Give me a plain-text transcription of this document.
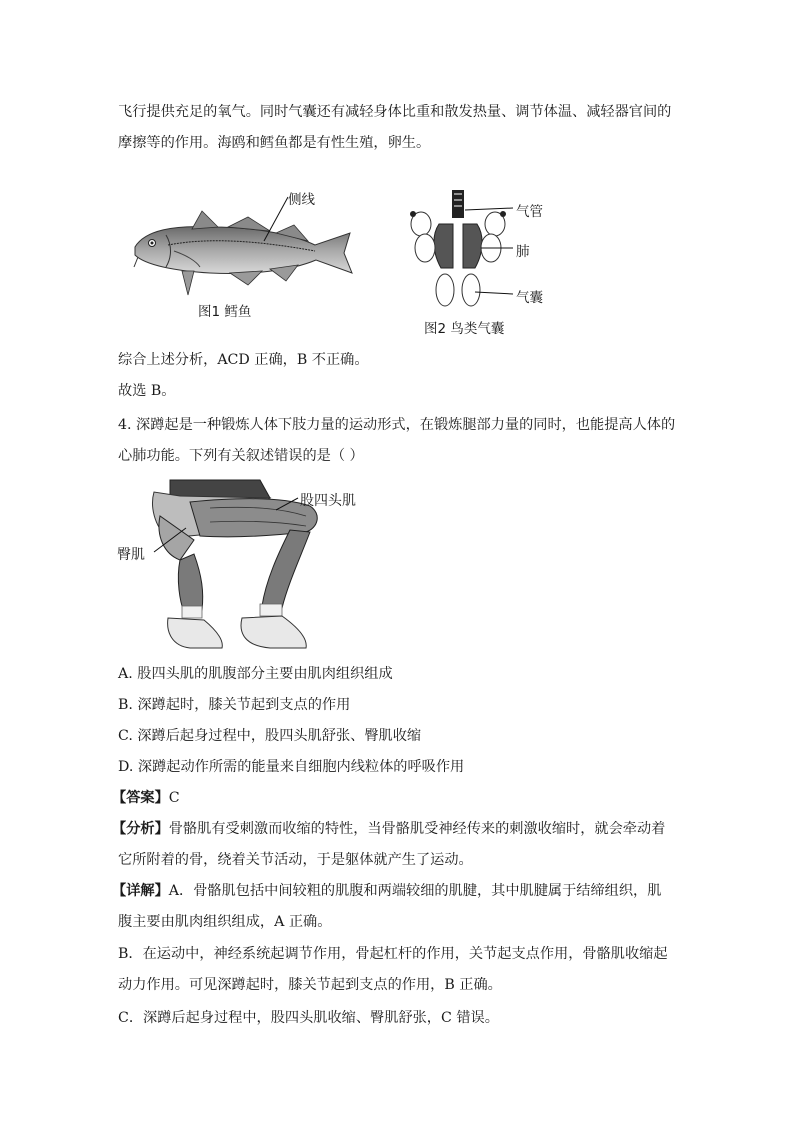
飞行提供充足的氧气。同时气囊还有减轻身体比重和散发热量、调节体温、减轻器官间的
摩擦等的作用。海鸥和鳕鱼都是有性生殖，卵生。
侧线
图1 鳕鱼
气管
肺
气囊
图2 鸟类气囊
综合上述分析，ACD 正确，B 不正确。
故选 B。
4. 深蹲起是一种锻炼人体下肢力量的运动形式，在锻炼腿部力量的同时，也能提高人体的
心肺功能。下列有关叙述错误的是（ ）
股四头肌
臀肌
A. 股四头肌的肌腹部分主要由肌肉组织组成
B. 深蹲起时，膝关节起到支点的作用
C. 深蹲后起身过程中，股四头肌舒张、臀肌收缩
D. 深蹲起动作所需的能量来自细胞内线粒体的呼吸作用
【答案】C
【分析】骨骼肌有受刺激而收缩的特性，当骨骼肌受神经传来的刺激收缩时，就会牵动着
它所附着的骨，绕着关节活动，于是躯体就产生了运动。
【详解】A．骨骼肌包括中间较粗的肌腹和两端较细的肌腱，其中肌腱属于结缔组织，肌
腹主要由肌肉组织组成，A 正确。
B．在运动中，神经系统起调节作用，骨起杠杆的作用，关节起支点作用，骨骼肌收缩起
动力作用。可见深蹲起时，膝关节起到支点的作用，B 正确。
C．深蹲后起身过程中，股四头肌收缩、臀肌舒张，C 错误。
